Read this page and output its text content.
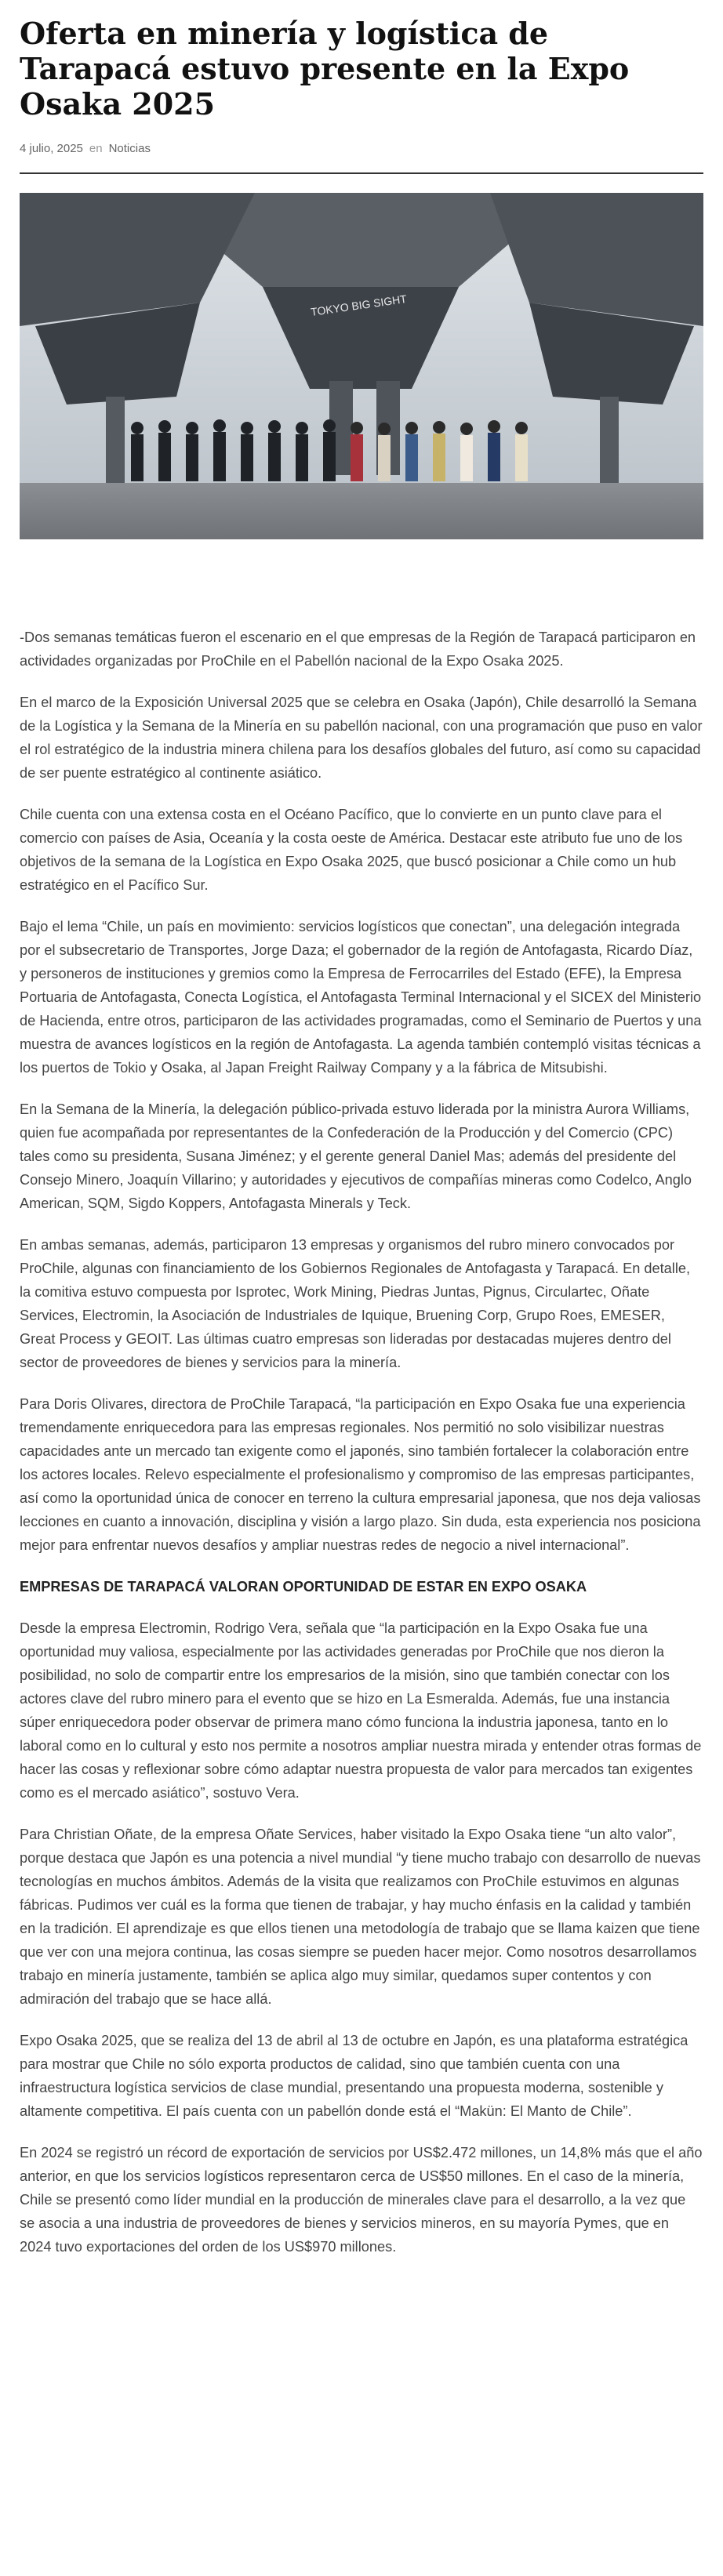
Oferta en minería y logística de Tarapacá estuvo presente en la Expo Osaka 2025
4 julio, 2025 en Noticias
TOKYO BIG SIGHT

-Dos semanas temáticas fueron el escenario en el que empresas de la Región de Tarapacá participaron en actividades organizadas por ProChile en el Pabellón nacional de la Expo Osaka 2025.

En el marco de la Exposición Universal 2025 que se celebra en Osaka (Japón), Chile desarrolló la Semana de la Logística y la Semana de la Minería en su pabellón nacional, con una programación que puso en valor el rol estratégico de la industria minera chilena para los desafíos globales del futuro, así como su capacidad de ser puente estratégico al continente asiático.

Chile cuenta con una extensa costa en el Océano Pacífico, que lo convierte en un punto clave para el comercio con países de Asia, Oceanía y la costa oeste de América. Destacar este atributo fue uno de los objetivos de la semana de la Logística en Expo Osaka 2025, que buscó posicionar a Chile como un hub estratégico en el Pacífico Sur.

Bajo el lema “Chile, un país en movimiento: servicios logísticos que conectan”, una delegación integrada por el subsecretario de Transportes, Jorge Daza; el gobernador de la región de Antofagasta, Ricardo Díaz, y personeros de instituciones y gremios como la Empresa de Ferrocarriles del Estado (EFE), la Empresa Portuaria de Antofagasta, Conecta Logística, el Antofagasta Terminal Internacional y el SICEX del Ministerio de Hacienda, entre otros, participaron de las actividades programadas, como el Seminario de Puertos y una muestra de avances logísticos en la región de Antofagasta. La agenda también contempló visitas técnicas a los puertos de Tokio y Osaka, al Japan Freight Railway Company y a la fábrica de Mitsubishi.

En la Semana de la Minería, la delegación público-privada estuvo liderada por la ministra Aurora Williams, quien fue acompañada por representantes de la Confederación de la Producción y del Comercio (CPC) tales como su presidenta, Susana Jiménez; y el gerente general Daniel Mas; además del presidente del Consejo Minero, Joaquín Villarino; y autoridades y ejecutivos de compañías mineras como Codelco, Anglo American, SQM, Sigdo Koppers, Antofagasta Minerals y Teck.

En ambas semanas, además, participaron 13 empresas y organismos del rubro minero convocados por ProChile, algunas con financiamiento de los Gobiernos Regionales de Antofagasta y Tarapacá. En detalle, la comitiva estuvo compuesta por Isprotec, Work Mining, Piedras Juntas, Pignus, Circulartec, Oñate Services, Electromin, la Asociación de Industriales de Iquique, Bruening Corp, Grupo Roes, EMESER, Great Process y GEOIT. Las últimas cuatro empresas son lideradas por destacadas mujeres dentro del sector de proveedores de bienes y servicios para la minería.

Para Doris Olivares, directora de ProChile Tarapacá, “la participación en Expo Osaka fue una experiencia tremendamente enriquecedora para las empresas regionales. Nos permitió no solo visibilizar nuestras capacidades ante un mercado tan exigente como el japonés, sino también fortalecer la colaboración entre los actores locales. Relevo especialmente el profesionalismo y compromiso de las empresas participantes, así como la oportunidad única de conocer en terreno la cultura empresarial japonesa, que nos deja valiosas lecciones en cuanto a innovación, disciplina y visión a largo plazo. Sin duda, esta experiencia nos posiciona mejor para enfrentar nuevos desafíos y ampliar nuestras redes de negocio a nivel internacional”.

EMPRESAS DE TARAPACÁ VALORAN OPORTUNIDAD DE ESTAR EN EXPO OSAKA

Desde la empresa Electromin, Rodrigo Vera, señala que “la participación en la Expo Osaka fue una oportunidad muy valiosa, especialmente por las actividades generadas por ProChile que nos dieron la posibilidad, no solo de compartir entre los empresarios de la misión, sino que también conectar con los actores clave del rubro minero para el evento que se hizo en La Esmeralda. Además, fue una instancia súper enriquecedora poder observar de primera mano cómo funciona la industria japonesa, tanto en lo laboral como en lo cultural y esto nos permite a nosotros ampliar nuestra mirada y entender otras formas de hacer las cosas y reflexionar sobre cómo adaptar nuestra propuesta de valor para mercados tan exigentes como es el mercado asiático”, sostuvo Vera.

Para Christian Oñate, de la empresa Oñate Services, haber visitado la Expo Osaka tiene “un alto valor”, porque destaca que Japón es una potencia a nivel mundial “y tiene mucho trabajo con desarrollo de nuevas tecnologías en muchos ámbitos. Además de la visita que realizamos con ProChile estuvimos en algunas fábricas. Pudimos ver cuál es la forma que tienen de trabajar, y hay mucho énfasis en la calidad y también en la tradición. El aprendizaje es que ellos tienen una metodología de trabajo que se llama kaizen que tiene que ver con una mejora continua, las cosas siempre se pueden hacer mejor. Como nosotros desarrollamos trabajo en minería justamente, también se aplica algo muy similar, quedamos super contentos y con admiración del trabajo que se hace allá.

Expo Osaka 2025, que se realiza del 13 de abril al 13 de octubre en Japón, es una plataforma estratégica para mostrar que Chile no sólo exporta productos de calidad, sino que también cuenta con una infraestructura logística servicios de clase mundial, presentando una propuesta moderna, sostenible y altamente competitiva. El país cuenta con un pabellón donde está el “Makün: El Manto de Chile”.

En 2024 se registró un récord de exportación de servicios por US$2.472 millones, un 14,8% más que el año anterior, en que los servicios logísticos representaron cerca de US$50 millones. En el caso de la minería, Chile se presentó como líder mundial en la producción de minerales clave para el desarrollo, a la vez que se asocia a una industria de proveedores de bienes y servicios mineros, en su mayoría Pymes, que en 2024 tuvo exportaciones del orden de los US$970 millones.
